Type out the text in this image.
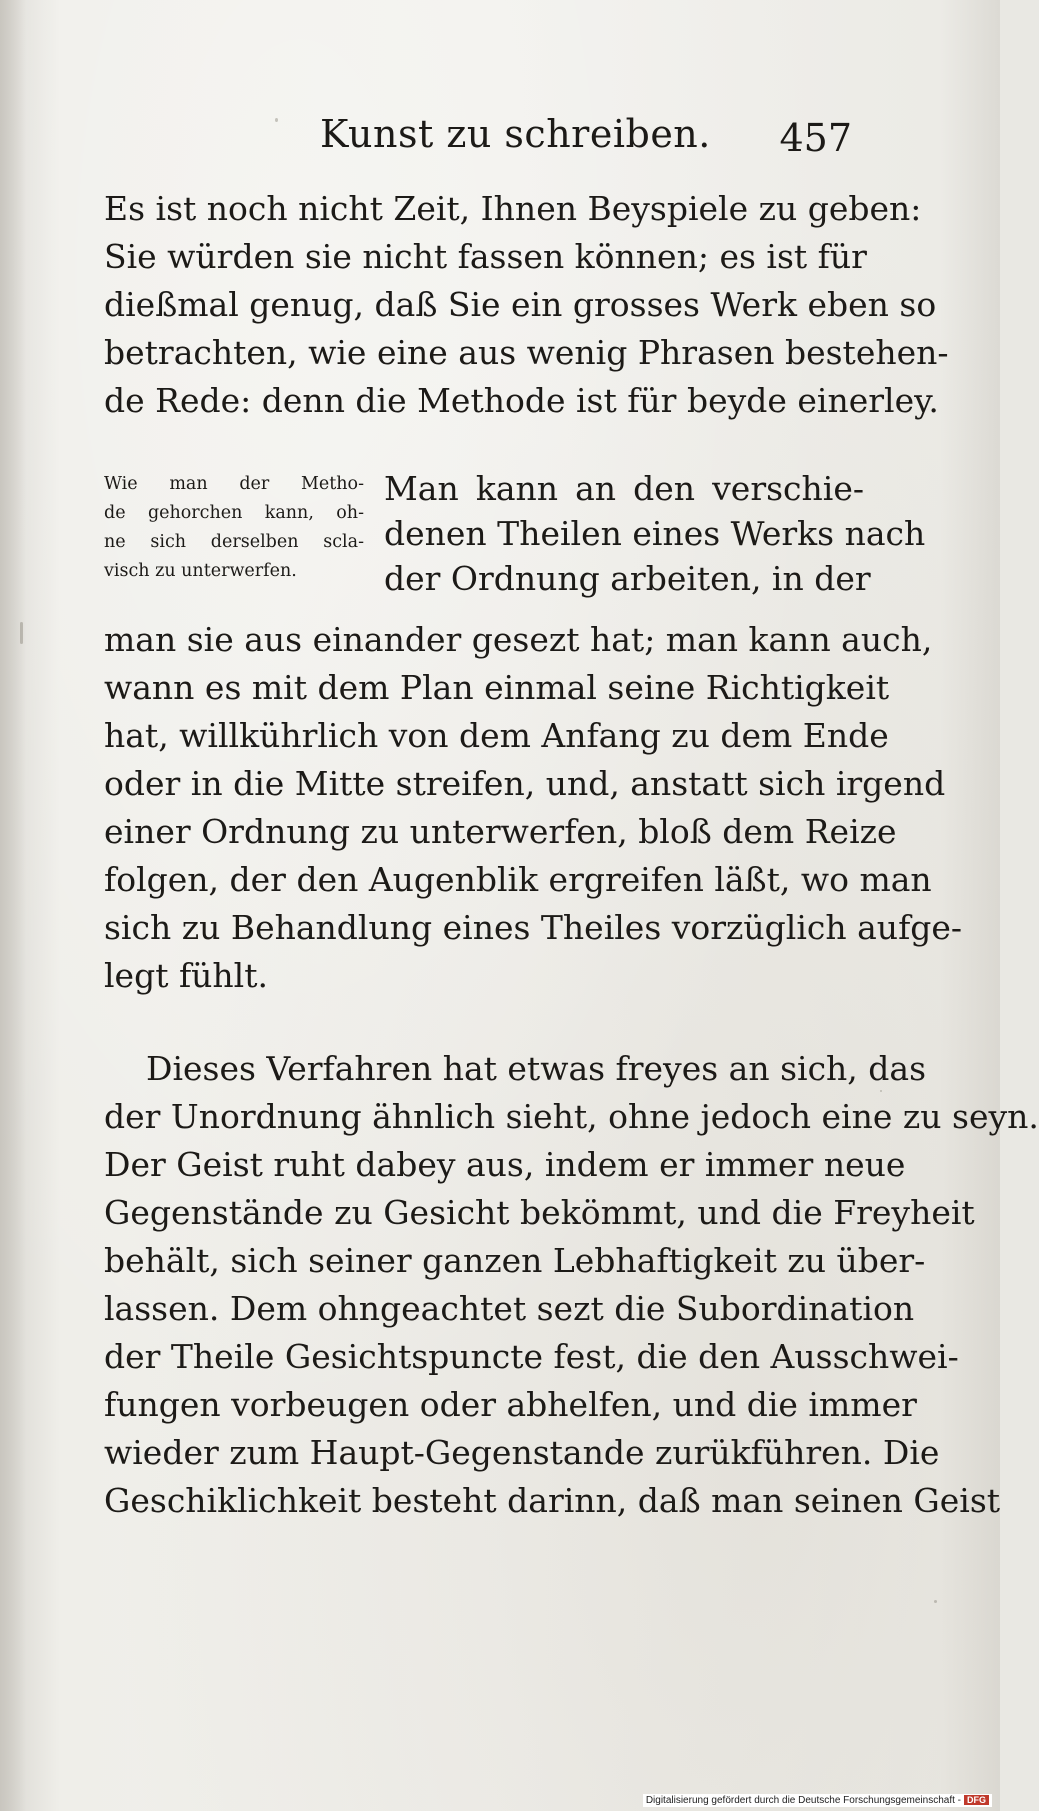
Kunst zu schreiben. 457
Es ist noch nicht Zeit, Ihnen Beyspiele zu geben:
Sie würden sie nicht fassen können; es ist für
dießmal genug, daß Sie ein grosses Werk eben so
betrachten, wie eine aus wenig Phrasen bestehen-
de Rede: denn die Methode ist für beyde einerley.
Wie man der Metho-
de gehorchen kann, oh-
ne sich derselben scla-
visch zu unterwerfen.
Man kann an den verschie-
denen Theilen eines Werks nach
der Ordnung arbeiten, in der
man sie aus einander gesezt hat; man kann auch,
wann es mit dem Plan einmal seine Richtigkeit
hat, willkührlich von dem Anfang zu dem Ende
oder in die Mitte streifen, und, anstatt sich irgend
einer Ordnung zu unterwerfen, bloß dem Reize
folgen, der den Augenblik ergreifen läßt, wo man
sich zu Behandlung eines Theiles vorzüglich aufge-
legt fühlt.
Dieses Verfahren hat etwas freyes an sich, das
der Unordnung ähnlich sieht, ohne jedoch eine zu seyn.
Der Geist ruht dabey aus, indem er immer neue
Gegenstände zu Gesicht bekömmt, und die Freyheit
behält, sich seiner ganzen Lebhaftigkeit zu über-
lassen. Dem ohngeachtet sezt die Subordination
der Theile Gesichtspuncte fest, die den Ausschwei-
fungen vorbeugen oder abhelfen, und die immer
wieder zum Haupt-Gegenstande zurükführen. Die
Geschiklichkeit besteht darinn, daß man seinen Geist
Digitalisierung gefördert durch die Deutsche Forschungsgemeinschaft - DFG
